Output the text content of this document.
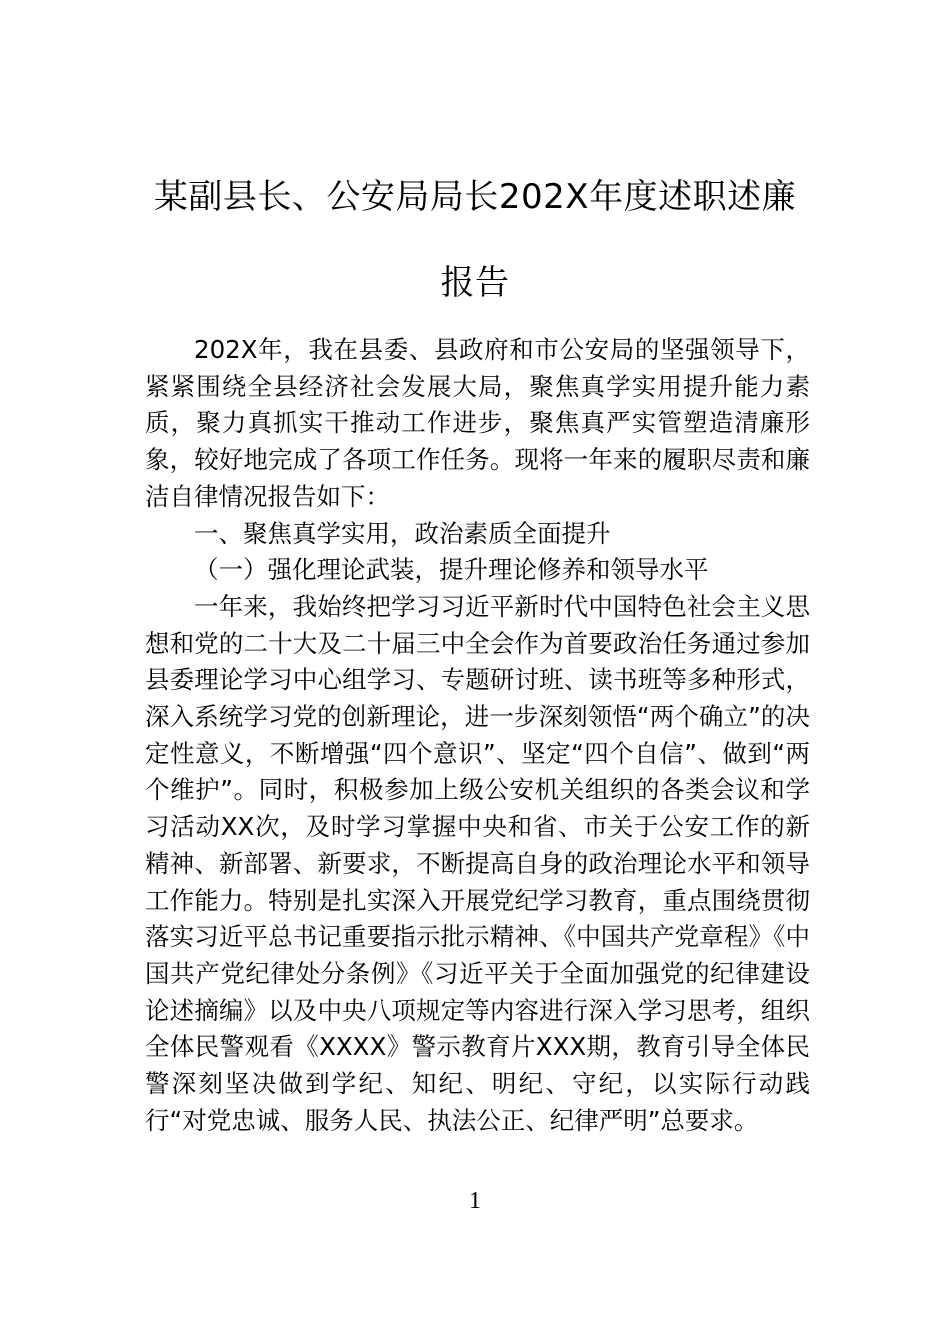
某副县长、公安局局长202X年度述职述廉
报告

202X年，我在县委、县政府和市公安局的坚强领导下，紧紧围绕全县经济社会发展大局，聚焦真学实用提升能力素质，聚力真抓实干推动工作进步，聚焦真严实管塑造清廉形象，较好地完成了各项工作任务。现将一年来的履职尽责和廉洁自律情况报告如下：

一、聚焦真学实用，政治素质全面提升

（一）强化理论武装，提升理论修养和领导水平

一年来，我始终把学习习近平新时代中国特色社会主义思想和党的二十大及二十届三中全会作为首要政治任务通过参加县委理论学习中心组学习、专题研讨班、读书班等多种形式，深入系统学习党的创新理论，进一步深刻领悟“两个确立”的决定性意义，不断增强“四个意识”、坚定“四个自信”、做到“两个维护”。同时，积极参加上级公安机关组织的各类会议和学习活动XX次，及时学习掌握中央和省、市关于公安工作的新精神、新部署、新要求，不断提高自身的政治理论水平和领导工作能力。特别是扎实深入开展党纪学习教育，重点围绕贯彻落实习近平总书记重要指示批示精神、《中国共产党章程》《中国共产党纪律处分条例》《习近平关于全面加强党的纪律建设论述摘编》以及中央八项规定等内容进行深入学习思考，组织全体民警观看《XXXX》警示教育片XXX期，教育引导全体民警深刻坚决做到学纪、知纪、明纪、守纪，以实际行动践行“对党忠诚、服务人民、执法公正、纪律严明”总要求。

1
